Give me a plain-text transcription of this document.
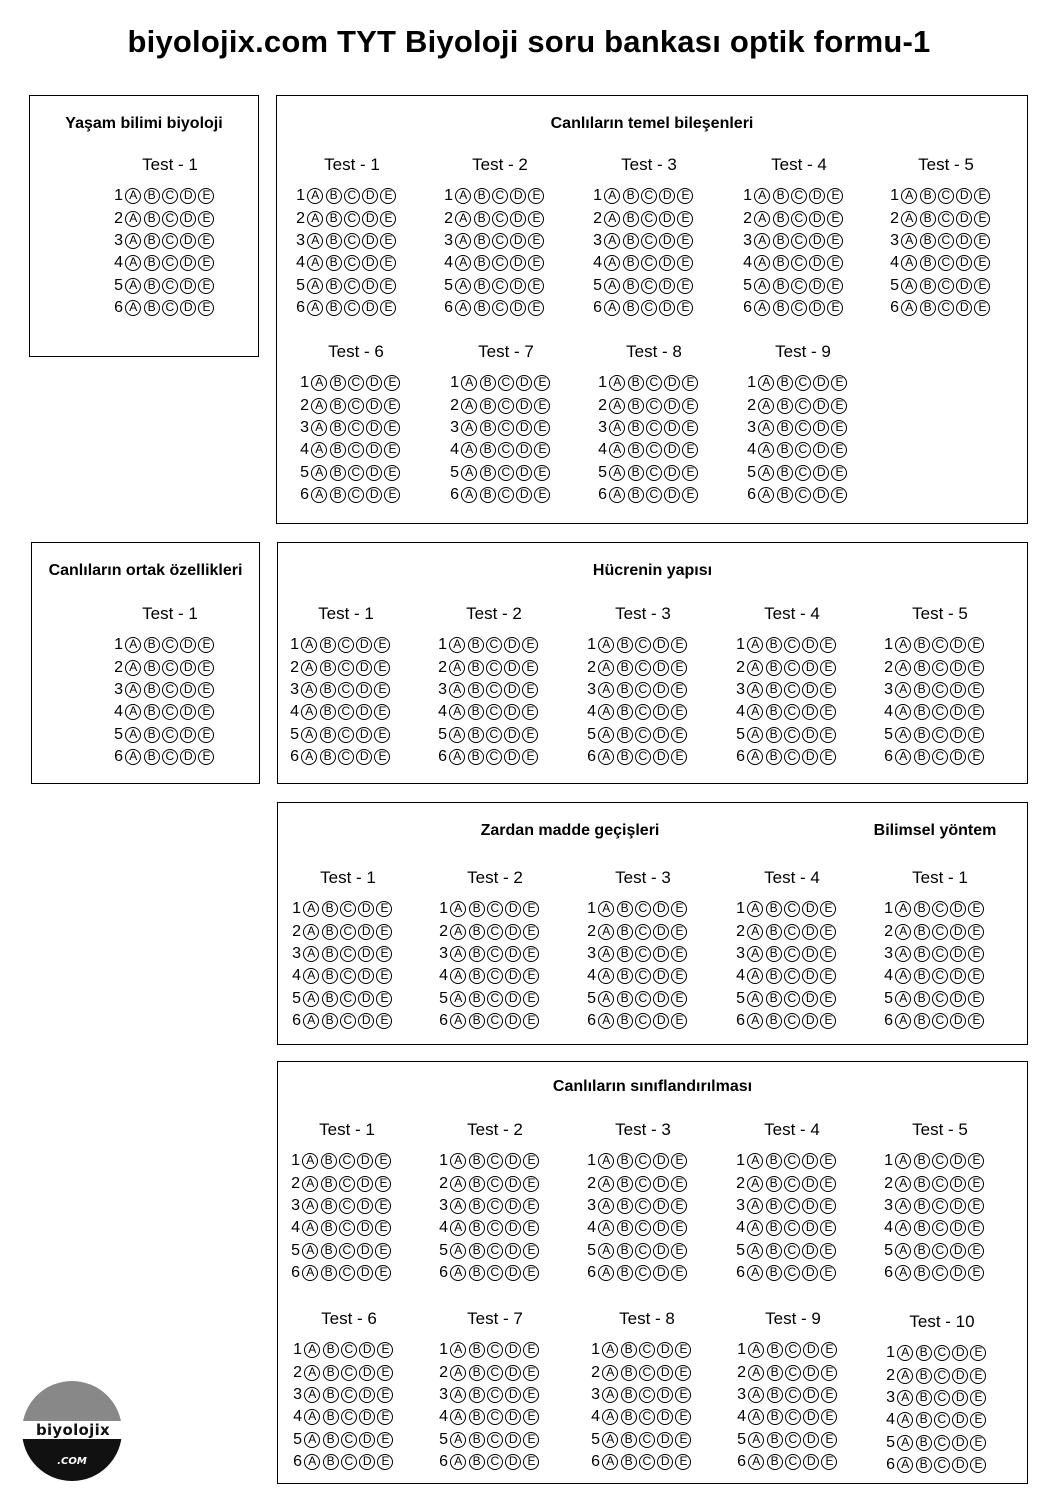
biyolojix.com TYT Biyoloji soru bankası optik formu-1
Yaşam bilimi biyoloji
Test - 1
1 A B C D E
2 A B C D E
3 A B C D E
4 A B C D E
5 A B C D E
6 A B C D E
Canlıların temel bileşenleri
Test - 1
1 A B C D E
2 A B C D E
3 A B C D E
4 A B C D E
5 A B C D E
6 A B C D E
Test - 2
1 A B C D E
2 A B C D E
3 A B C D E
4 A B C D E
5 A B C D E
6 A B C D E
Test - 3
1 A B C D E
2 A B C D E
3 A B C D E
4 A B C D E
5 A B C D E
6 A B C D E
Test - 4
1 A B C D E
2 A B C D E
3 A B C D E
4 A B C D E
5 A B C D E
6 A B C D E
Test - 5
1 A B C D E
2 A B C D E
3 A B C D E
4 A B C D E
5 A B C D E
6 A B C D E
Test - 6
1 A B C D E
2 A B C D E
3 A B C D E
4 A B C D E
5 A B C D E
6 A B C D E
Test - 7
1 A B C D E
2 A B C D E
3 A B C D E
4 A B C D E
5 A B C D E
6 A B C D E
Test - 8
1 A B C D E
2 A B C D E
3 A B C D E
4 A B C D E
5 A B C D E
6 A B C D E
Test - 9
1 A B C D E
2 A B C D E
3 A B C D E
4 A B C D E
5 A B C D E
6 A B C D E
Canlıların ortak özellikleri
Test - 1
1 A B C D E
2 A B C D E
3 A B C D E
4 A B C D E
5 A B C D E
6 A B C D E
Hücrenin yapısı
Test - 1
1 A B C D E
2 A B C D E
3 A B C D E
4 A B C D E
5 A B C D E
6 A B C D E
Test - 2
1 A B C D E
2 A B C D E
3 A B C D E
4 A B C D E
5 A B C D E
6 A B C D E
Test - 3
1 A B C D E
2 A B C D E
3 A B C D E
4 A B C D E
5 A B C D E
6 A B C D E
Test - 4
1 A B C D E
2 A B C D E
3 A B C D E
4 A B C D E
5 A B C D E
6 A B C D E
Test - 5
1 A B C D E
2 A B C D E
3 A B C D E
4 A B C D E
5 A B C D E
6 A B C D E
Zardan madde geçişleri	Bilimsel yöntem
Test - 1
1 A B C D E
2 A B C D E
3 A B C D E
4 A B C D E
5 A B C D E
6 A B C D E
Test - 2
1 A B C D E
2 A B C D E
3 A B C D E
4 A B C D E
5 A B C D E
6 A B C D E
Test - 3
1 A B C D E
2 A B C D E
3 A B C D E
4 A B C D E
5 A B C D E
6 A B C D E
Test - 4
1 A B C D E
2 A B C D E
3 A B C D E
4 A B C D E
5 A B C D E
6 A B C D E
Test - 1
1 A B C D E
2 A B C D E
3 A B C D E
4 A B C D E
5 A B C D E
6 A B C D E
Canlıların sınıflandırılması
Test - 1
1 A B C D E
2 A B C D E
3 A B C D E
4 A B C D E
5 A B C D E
6 A B C D E
Test - 2
1 A B C D E
2 A B C D E
3 A B C D E
4 A B C D E
5 A B C D E
6 A B C D E
Test - 3
1 A B C D E
2 A B C D E
3 A B C D E
4 A B C D E
5 A B C D E
6 A B C D E
Test - 4
1 A B C D E
2 A B C D E
3 A B C D E
4 A B C D E
5 A B C D E
6 A B C D E
Test - 5
1 A B C D E
2 A B C D E
3 A B C D E
4 A B C D E
5 A B C D E
6 A B C D E
Test - 6
1 A B C D E
2 A B C D E
3 A B C D E
4 A B C D E
5 A B C D E
6 A B C D E
Test - 7
1 A B C D E
2 A B C D E
3 A B C D E
4 A B C D E
5 A B C D E
6 A B C D E
Test - 8
1 A B C D E
2 A B C D E
3 A B C D E
4 A B C D E
5 A B C D E
6 A B C D E
Test - 9
1 A B C D E
2 A B C D E
3 A B C D E
4 A B C D E
5 A B C D E
6 A B C D E
Test - 10
1 A B C D E
2 A B C D E
3 A B C D E
4 A B C D E
5 A B C D E
6 A B C D E
biyolojix
.COM
